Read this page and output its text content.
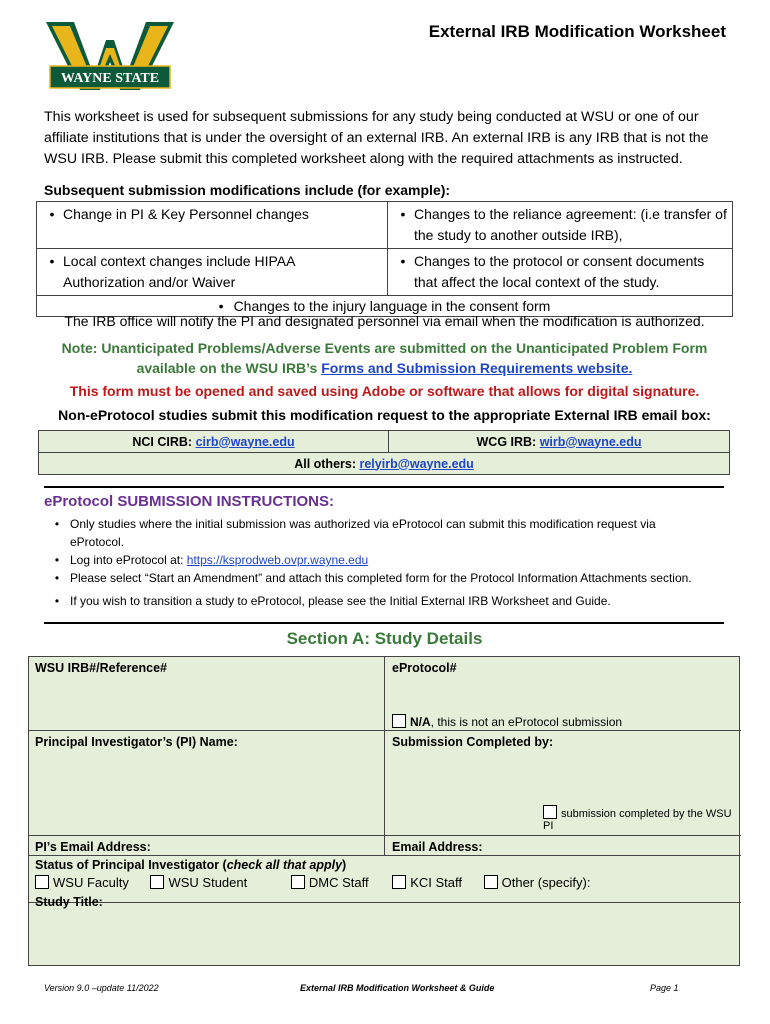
WAYNE STATE
External IRB Modification Worksheet
This worksheet is used for subsequent submissions for any study being conducted at WSU or one of our affiliate institutions that is under the oversight of an external IRB. An external IRB is any IRB that is not the WSU IRB. Please submit this completed worksheet along with the required attachments as instructed.
Subsequent submission modifications include (for example):
• Change in PI & Key Personnel changes	• Changes to the reliance agreement: (i.e transfer of the study to another outside IRB),

• Local context changes include HIPAA Authorization and/or Waiver	• Changes to the protocol or consent documents that affect the local context of the study.

• Changes to the injury language in the consent form	
The IRB office will notify the PI and designated personnel via email when the modification is authorized.
Note: Unanticipated Problems/Adverse Events are submitted on the Unanticipated Problem Form available on the WSU IRB’s Forms and Submission Requirements website.
This form must be opened and saved using Adobe or software that allows for digital signature.
Non-eProtocol studies submit this modification request to the appropriate External IRB email box:
NCI CIRB: cirb@wayne.edu	WCG IRB: wirb@wayne.edu
All others: relyirb@wayne.edu
eProtocol SUBMISSION INSTRUCTIONS:
• Only studies where the initial submission was authorized via eProtocol can submit this modification request via eProtocol.
• Log into eProtocol at: https://ksprodweb.ovpr.wayne.edu
• Please select “Start an Amendment” and attach this completed form for the Protocol Information Attachments section.
• If you wish to transition a study to eProtocol, please see the Initial External IRB Worksheet and Guide.
Section A: Study Details
WSU IRB#/Reference#	eProtocol#
N/A, this is not an eProtocol submission
Principal Investigator’s (PI) Name:	Submission Completed by:
submission completed by the WSU PI
PI’s Email Address:	Email Address:
Status of Principal Investigator (check all that apply)
WSU Faculty	WSU Student	DMC Staff	KCI Staff	Other (specify):
Study Title:
Version 9.0 –update 11/2022	External IRB Modification Worksheet & Guide	Page 1
